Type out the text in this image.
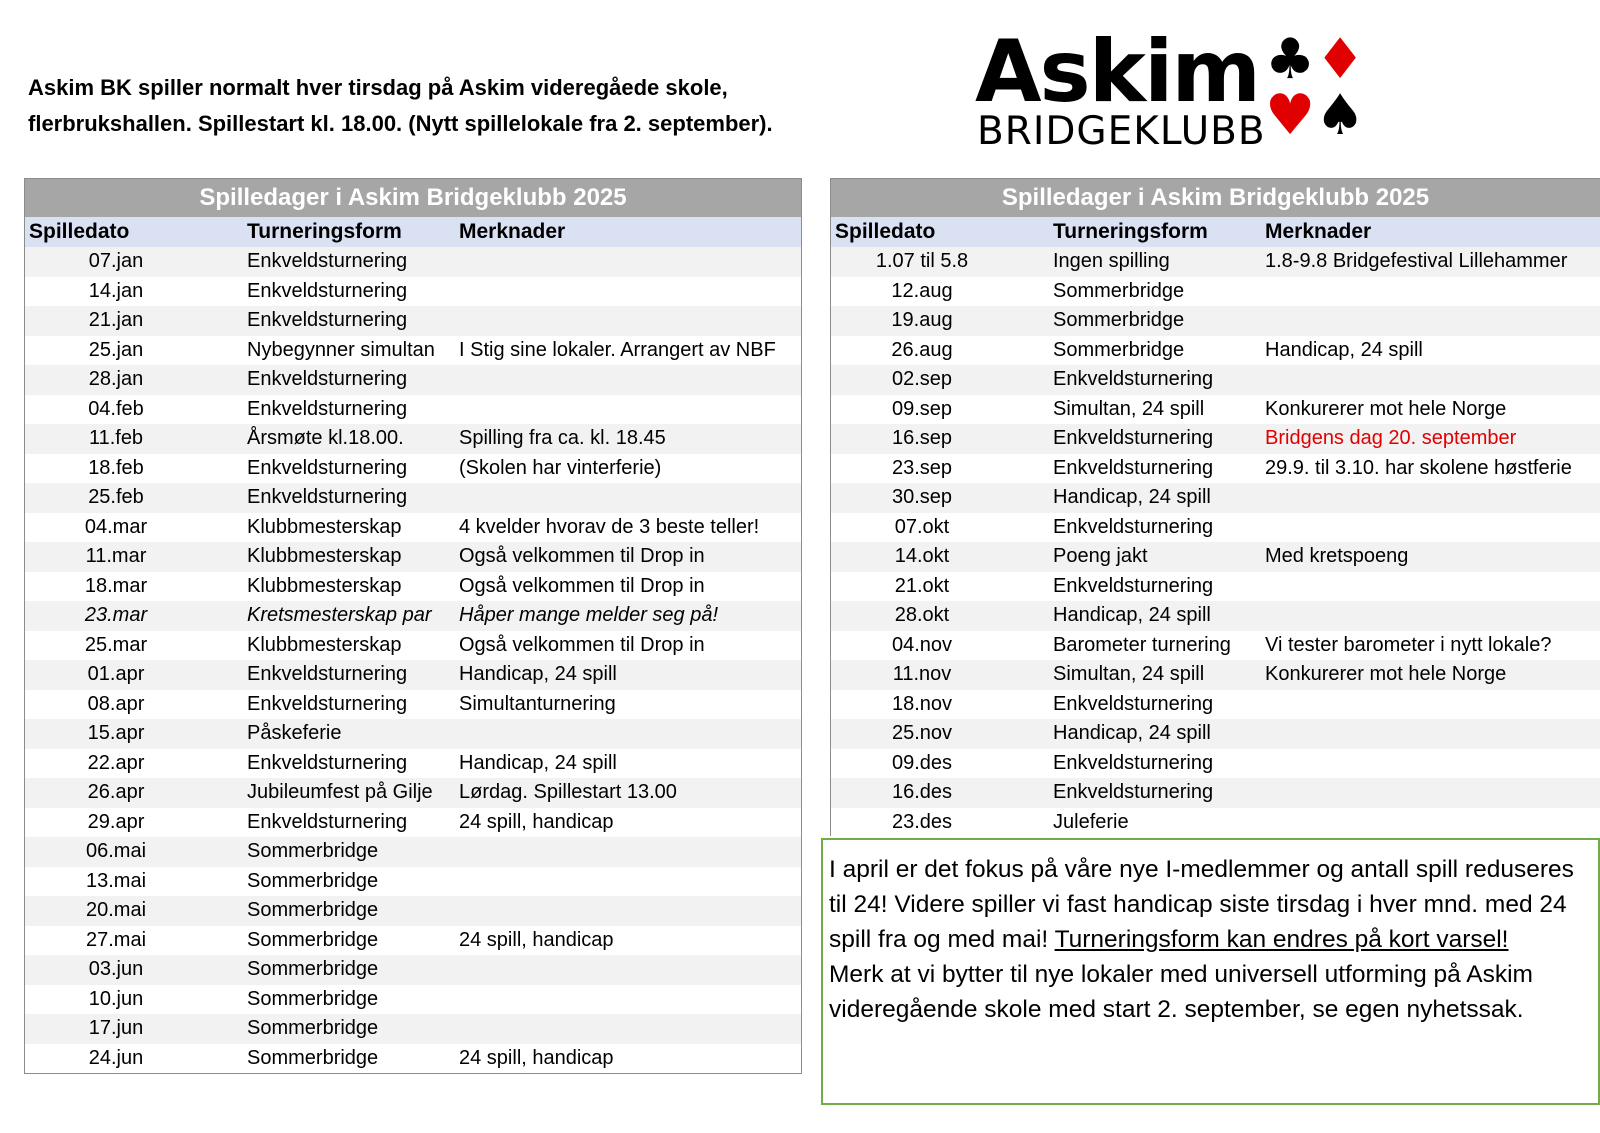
Askim BK spiller normalt hver tirsdag på Askim videregåede skole,
flerbrukshallen. Spillestart kl. 18.00. (Nytt spillelokale fra 2. september).
Askim
BRIDGEKLUBB
♣ ♦
♥ ♠
Spilledager i Askim Bridgeklubb 2025
Spilledato	Turneringsform	Merknader
07.jan	Enkveldsturnering
14.jan	Enkveldsturnering
21.jan	Enkveldsturnering
25.jan	Nybegynner simultan	I Stig sine lokaler. Arrangert av NBF
28.jan	Enkveldsturnering
04.feb	Enkveldsturnering
11.feb	Årsmøte kl.18.00.	Spilling fra ca. kl. 18.45
18.feb	Enkveldsturnering	(Skolen har vinterferie)
25.feb	Enkveldsturnering
04.mar	Klubbmesterskap	4 kvelder hvorav de 3 beste teller!
11.mar	Klubbmesterskap	Også velkommen til Drop in
18.mar	Klubbmesterskap	Også velkommen til Drop in
23.mar	Kretsmesterskap par	Håper mange melder seg på!
25.mar	Klubbmesterskap	Også velkommen til Drop in
01.apr	Enkveldsturnering	Handicap, 24 spill
08.apr	Enkveldsturnering	Simultanturnering
15.apr	Påskeferie
22.apr	Enkveldsturnering	Handicap, 24 spill
26.apr	Jubileumfest på Gilje	Lørdag. Spillestart 13.00
29.apr	Enkveldsturnering	24 spill, handicap
06.mai	Sommerbridge
13.mai	Sommerbridge
20.mai	Sommerbridge
27.mai	Sommerbridge	24 spill, handicap
03.jun	Sommerbridge
10.jun	Sommerbridge
17.jun	Sommerbridge
24.jun	Sommerbridge	24 spill, handicap
Spilledager i Askim Bridgeklubb 2025
Spilledato	Turneringsform	Merknader
1.07 til 5.8	Ingen spilling	1.8-9.8 Bridgefestival Lillehammer
12.aug	Sommerbridge
19.aug	Sommerbridge
26.aug	Sommerbridge	Handicap, 24 spill
02.sep	Enkveldsturnering
09.sep	Simultan, 24 spill	Konkurerer mot hele Norge
16.sep	Enkveldsturnering	Bridgens dag 20. september
23.sep	Enkveldsturnering	29.9. til 3.10. har skolene høstferie
30.sep	Handicap, 24 spill
07.okt	Enkveldsturnering
14.okt	Poeng jakt	Med kretspoeng
21.okt	Enkveldsturnering
28.okt	Handicap, 24 spill
04.nov	Barometer turnering	Vi tester barometer i nytt lokale?
11.nov	Simultan, 24 spill	Konkurerer mot hele Norge
18.nov	Enkveldsturnering
25.nov	Handicap, 24 spill
09.des	Enkveldsturnering
16.des	Enkveldsturnering
23.des	Juleferie

I april er det fokus på våre nye I-medlemmer og antall spill reduseres til 24! Videre spiller vi fast handicap siste tirsdag i hver mnd. med 24 spill fra og med mai! Turneringsform kan endres på kort varsel!

Merk at vi bytter til nye lokaler med universell utforming på Askim videregående skole med start 2. september, se egen nyhetssak.
